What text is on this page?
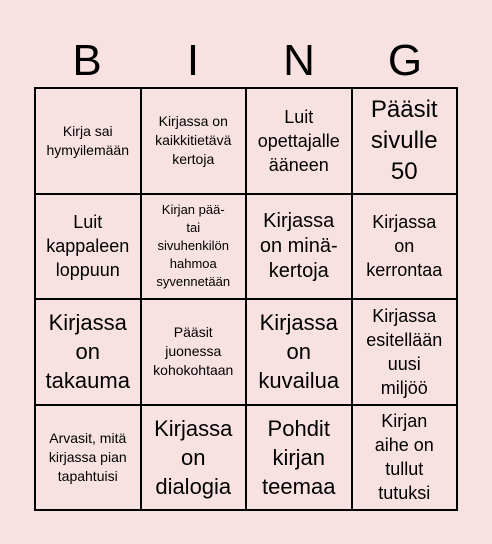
B	I	N	G
Kirja sai
hymyilemään
Kirjassa on
kaikkitietävä
kertoja
Luit
opettajalle
ääneen
Pääsit
sivulle
50
Luit
kappaleen
loppuun
Kirjan pää-
tai
sivuhenkilön
hahmoa
syvennetään
Kirjassa
on minä-
kertoja
Kirjassa
on
kerrontaa
Kirjassa
on
takauma
Pääsit
juonessa
kohokohtaan
Kirjassa
on
kuvailua
Kirjassa
esitellään
uusi
miljöö
Arvasit, mitä
kirjassa pian
tapahtuisi
Kirjassa
on
dialogia
Pohdit
kirjan
teemaa
Kirjan
aihe on
tullut
tutuksi
